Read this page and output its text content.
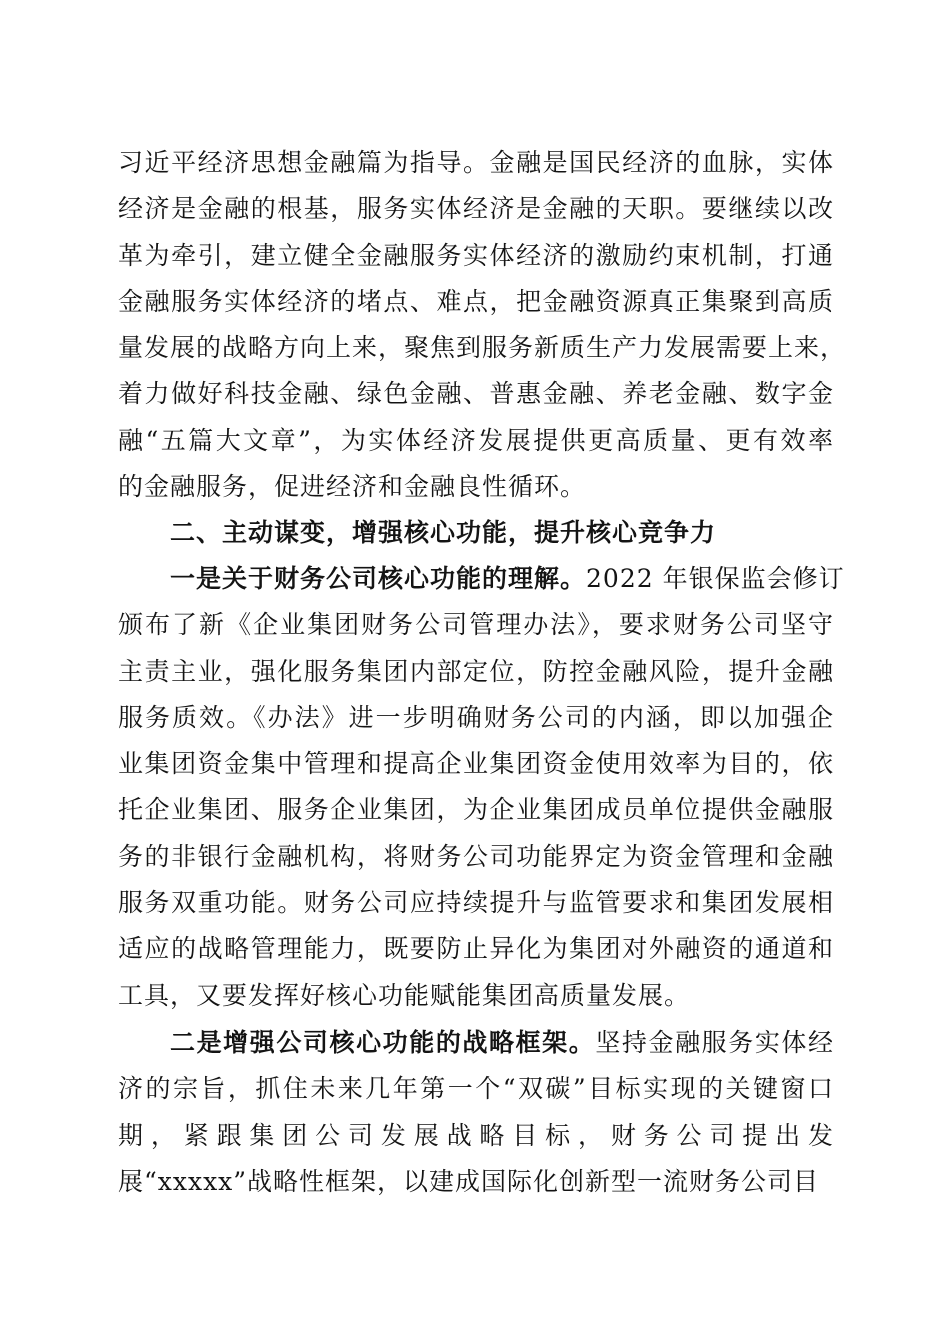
习近平经济思想金融篇为指导。金融是国民经济的血脉，实体
经济是金融的根基，服务实体经济是金融的天职。要继续以改
革为牵引，建立健全金融服务实体经济的激励约束机制，打通
金融服务实体经济的堵点、难点，把金融资源真正集聚到高质
量发展的战略方向上来，聚焦到服务新质生产力发展需要上来，
着力做好科技金融、绿色金融、普惠金融、养老金融、数字金
融“五篇大文章”，为实体经济发展提供更高质量、更有效率
的金融服务，促进经济和金融良性循环。
二、主动谋变，增强核心功能，提升核心竞争力
一是关于财务公司核心功能的理解。2022 年银保监会修订
颁布了新《企业集团财务公司管理办法》，要求财务公司坚守
主责主业，强化服务集团内部定位，防控金融风险，提升金融
服务质效。《办法》进一步明确财务公司的内涵，即以加强企
业集团资金集中管理和提高企业集团资金使用效率为目的，依
托企业集团、服务企业集团，为企业集团成员单位提供金融服
务的非银行金融机构，将财务公司功能界定为资金管理和金融
服务双重功能。财务公司应持续提升与监管要求和集团发展相
适应的战略管理能力，既要防止异化为集团对外融资的通道和
工具，又要发挥好核心功能赋能集团高质量发展。
二是增强公司核心功能的战略框架。坚持金融服务实体经
济的宗旨，抓住未来几年第一个“双碳”目标实现的关键窗口
期，紧跟集团公司发展战略目标，财务公司提出发
展“xxxxx”战略性框架，以建成国际化创新型一流财务公司目
